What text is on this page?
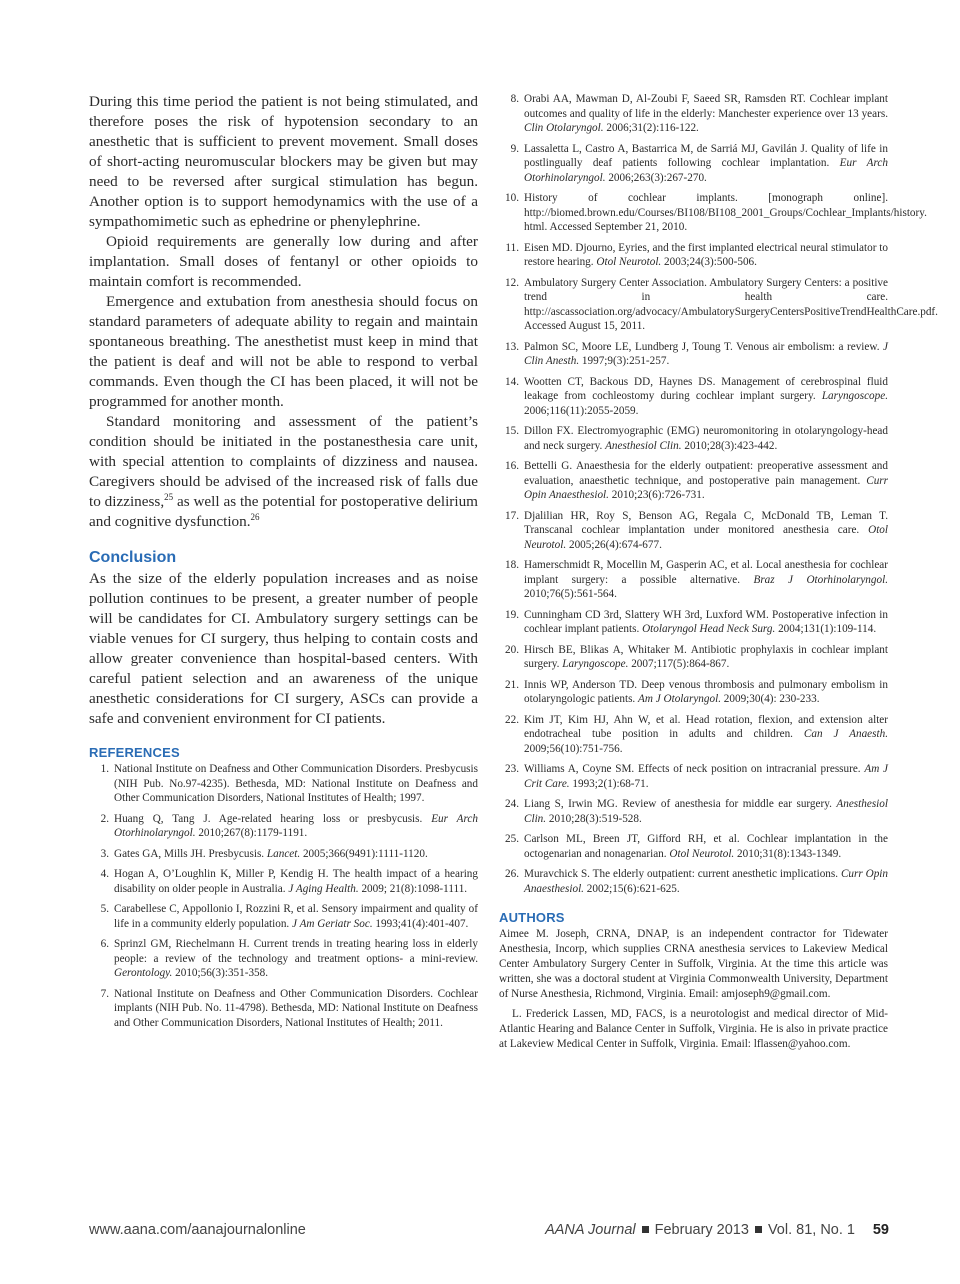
During this time period the patient is not being stimulated, and therefore poses the risk of hypotension secondary to an anesthetic that is sufficient to prevent movement. Small doses of short-acting neuromuscular blockers may be given but may need to be reversed after surgical stimulation has begun. Another option is to support hemodynamics with the use of a sympathomimetic such as ephedrine or phenylephrine.

Opioid requirements are generally low during and after implantation. Small doses of fentanyl or other opioids to maintain comfort is recommended.

Emergence and extubation from anesthesia should focus on standard parameters of adequate ability to regain and maintain spontaneous breathing. The anesthetist must keep in mind that the patient is deaf and will not be able to respond to verbal commands. Even though the CI has been placed, it will not be programmed for another month.

Standard monitoring and assessment of the patient’s condition should be initiated in the postanesthesia care unit, with special attention to complaints of dizziness and nausea. Caregivers should be advised of the increased risk of falls due to dizziness,$^{25}$ as well as the potential for postoperative delirium and cognitive dysfunction.$^{26}$

Conclusion

As the size of the elderly population increases and as noise pollution continues to be present, a greater number of people will be candidates for CI. Ambulatory surgery settings can be viable venues for CI surgery, thus helping to contain costs and allow greater convenience than hospital-based centers. With careful patient selection and an awareness of the unique anesthetic considerations for CI surgery, ASCs can provide a safe and convenient environment for CI patients.

REFERENCES
1. National Institute on Deafness and Other Communication Disorders. Presbycusis (NIH Pub. No.97-4235). Bethesda, MD: National Institute on Deafness and Other Communication Disorders, National Institutes of Health; 1997.
2. Huang Q, Tang J. Age-related hearing loss or presbycusis. Eur Arch Otorhinolaryngol. 2010;267(8):1179-1191.
3. Gates GA, Mills JH. Presbycusis. Lancet. 2005;366(9491):1111-1120.
4. Hogan A, O’Loughlin K, Miller P, Kendig H. The health impact of a hearing disability on older people in Australia. J Aging Health. 2009; 21(8):1098-1111.
5. Carabellese C, Appollonio I, Rozzini R, et al. Sensory impairment and quality of life in a community elderly population. J Am Geriatr Soc. 1993;41(4):401-407.
6. Sprinzl GM, Riechelmann H. Current trends in treating hearing loss in elderly people: a review of the technology and treatment options- a mini-review. Gerontology. 2010;56(3):351-358.
7. National Institute on Deafness and Other Communication Disorders. Cochlear implants (NIH Pub. No. 11-4798). Bethesda, MD: National Institute on Deafness and Other Communication Disorders, National Institutes of Health; 2011.
8. Orabi AA, Mawman D, Al-Zoubi F, Saeed SR, Ramsden RT. Cochlear implant outcomes and quality of life in the elderly: Manchester experience over 13 years. Clin Otolaryngol. 2006;31(2):116-122.
9. Lassaletta L, Castro A, Bastarrica M, de Sarriá MJ, Gavilán J. Quality of life in postlingually deaf patients following cochlear implantation. Eur Arch Otorhinolaryngol. 2006;263(3):267-270.
10. History of cochlear implants. [monograph online]. http://biomed.brown.edu/Courses/BI108/BI108_2001_Groups/Cochlear_Implants/history. html. Accessed September 21, 2010.
11. Eisen MD. Djourno, Eyries, and the first implanted electrical neural stimulator to restore hearing. Otol Neurotol. 2003;24(3):500-506.
12. Ambulatory Surgery Center Association. Ambulatory Surgery Centers: a positive trend in health care. http://ascassociation.org/advocacy/AmbulatorySurgeryCentersPositiveTrendHealthCare.pdf. Accessed August 15, 2011.
13. Palmon SC, Moore LE, Lundberg J, Toung T. Venous air embolism: a review. J Clin Anesth. 1997;9(3):251-257.
14. Wootten CT, Backous DD, Haynes DS. Management of cerebrospinal fluid leakage from cochleostomy during cochlear implant surgery. Laryngoscope. 2006;116(11):2055-2059.
15. Dillon FX. Electromyographic (EMG) neuromonitoring in otolaryngology-head and neck surgery. Anesthesiol Clin. 2010;28(3):423-442.
16. Bettelli G. Anaesthesia for the elderly outpatient: preoperative assessment and evaluation, anaesthetic technique, and postoperative pain management. Curr Opin Anaesthesiol. 2010;23(6):726-731.
17. Djalilian HR, Roy S, Benson AG, Regala C, McDonald TB, Leman T. Transcanal cochlear implantation under monitored anesthesia care. Otol Neurotol. 2005;26(4):674-677.
18. Hamerschmidt R, Mocellin M, Gasperin AC, et al. Local anesthesia for cochlear implant surgery: a possible alternative. Braz J Otorhinolaryngol. 2010;76(5):561-564.
19. Cunningham CD 3rd, Slattery WH 3rd, Luxford WM. Postoperative infection in cochlear implant patients. Otolaryngol Head Neck Surg. 2004;131(1):109-114.
20. Hirsch BE, Blikas A, Whitaker M. Antibiotic prophylaxis in cochlear implant surgery. Laryngoscope. 2007;117(5):864-867.
21. Innis WP, Anderson TD. Deep venous thrombosis and pulmonary embolism in otolaryngologic patients. Am J Otolaryngol. 2009;30(4): 230-233.
22. Kim JT, Kim HJ, Ahn W, et al. Head rotation, flexion, and extension alter endotracheal tube position in adults and children. Can J Anaesth. 2009;56(10):751-756.
23. Williams A, Coyne SM. Effects of neck position on intracranial pressure. Am J Crit Care. 1993;2(1):68-71.
24. Liang S, Irwin MG. Review of anesthesia for middle ear surgery. Anesthesiol Clin. 2010;28(3):519-528.
25. Carlson ML, Breen JT, Gifford RH, et al. Cochlear implantation in the octogenarian and nonagenarian. Otol Neurotol. 2010;31(8):1343-1349.
26. Muravchick S. The elderly outpatient: current anesthetic implications. Curr Opin Anaesthesiol. 2002;15(6):621-625.
AUTHORS

Aimee M. Joseph, CRNA, DNAP, is an independent contractor for Tidewater Anesthesia, Incorp, which supplies CRNA anesthesia services to Lakeview Medical Center Ambulatory Surgery Center in Suffolk, Virginia. At the time this article was written, she was a doctoral student at Virginia Commonwealth University, Department of Nurse Anesthesia, Richmond, Virginia. Email: amjoseph9@gmail.com.

L. Frederick Lassen, MD, FACS, is a neurotologist and medical director of Mid-Atlantic Hearing and Balance Center in Suffolk, Virginia. He is also in private practice at Lakeview Medical Center in Suffolk, Virginia. Email: lflassen@yahoo.com.

www.aana.com/aanajournalonline	AANA Journal February 2013 Vol. 81, No. 1 59
